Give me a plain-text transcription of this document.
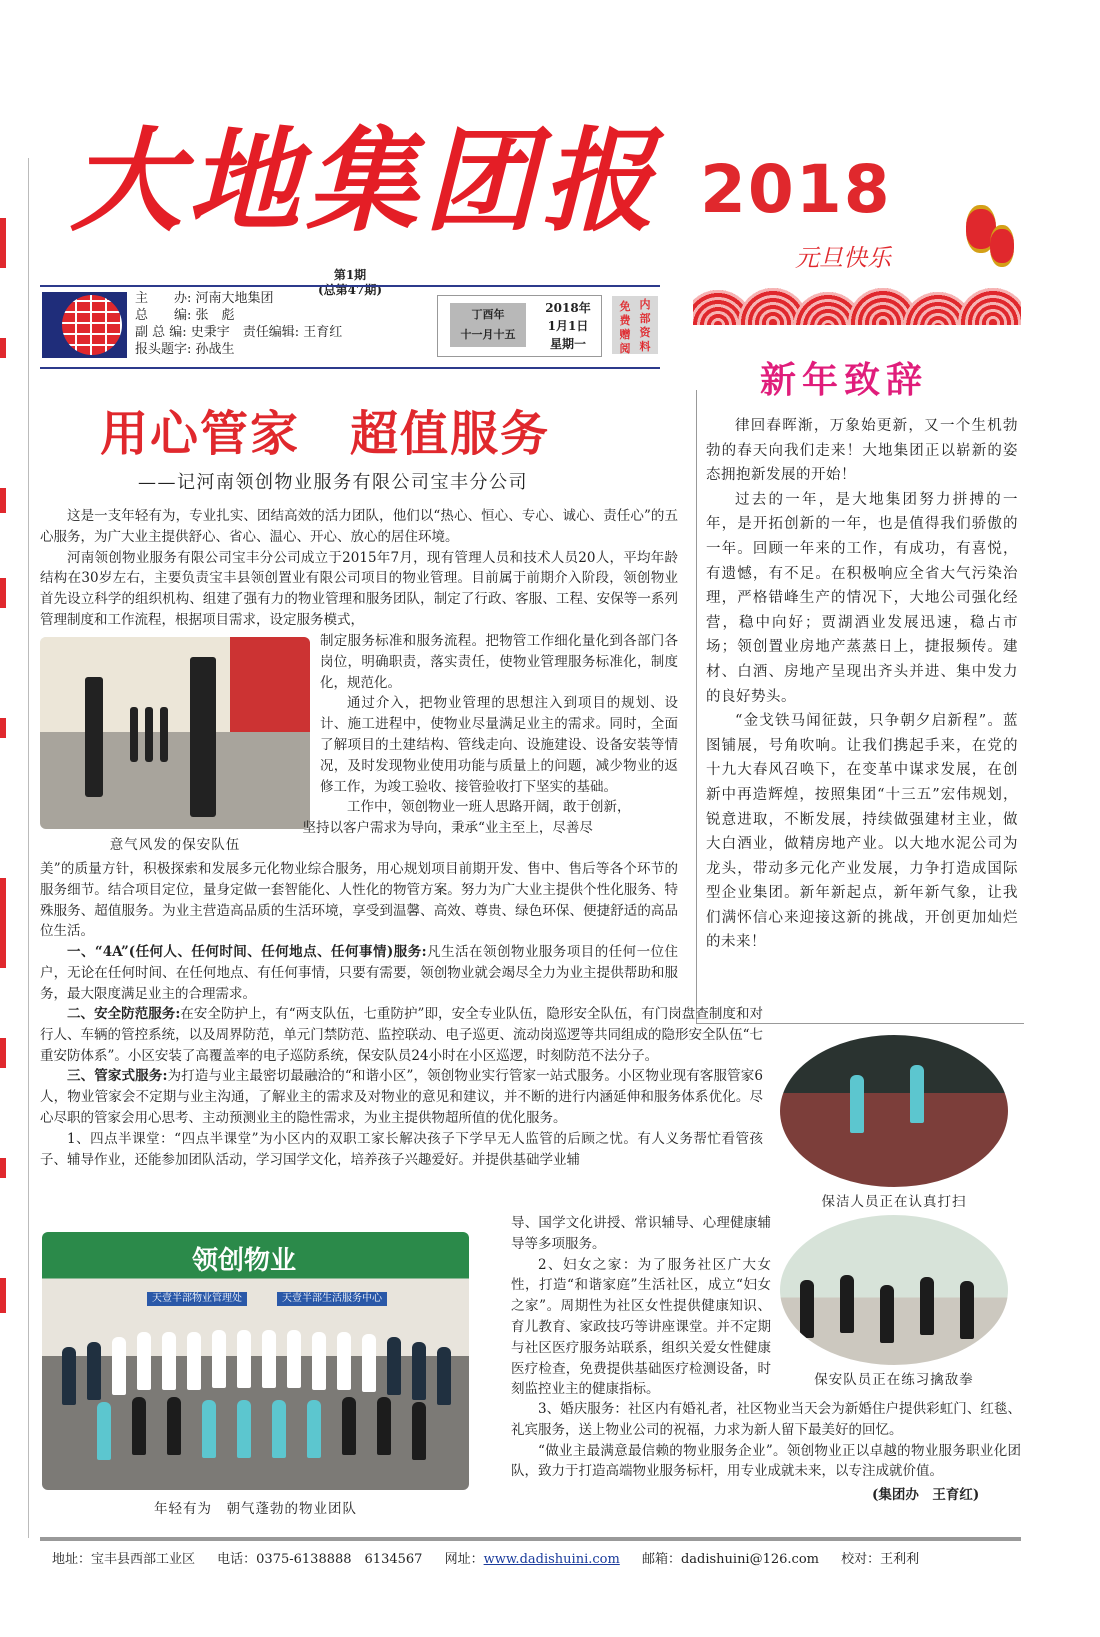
大地集团报
第1期
(总第47期)
主　　办: 河南大地集团
总　　编: 张　彪
副 总 编: 史秉宇　责任编辑: 王育红
报头题字: 孙战生
丁酉年
十一月十五
2018年
1月1日
星期一
免费赠阅
内部资料
2018
元旦快乐
新年致辞

律回春晖渐，万象始更新，又一个生机勃勃的春天向我们走来！大地集团正以崭新的姿态拥抱新发展的开始！

过去的一年，是大地集团努力拼搏的一年，是开拓创新的一年，也是值得我们骄傲的一年。回顾一年来的工作，有成功，有喜悦，有遗憾，有不足。在积极响应全省大气污染治理，严格错峰生产的情况下，大地公司强化经营，稳中向好；贾湖酒业发展迅速，稳占市场；领创置业房地产蒸蒸日上，捷报频传。建材、白酒、房地产呈现出齐头并进、集中发力的良好势头。

“金戈铁马闻征鼓，只争朝夕启新程”。蓝图铺展，号角吹响。让我们携起手来，在党的十九大春风召唤下，在变革中谋求发展，在创新中再造辉煌，按照集团“十三五”宏伟规划，锐意进取，不断发展，持续做强建材主业，做大白酒业，做精房地产业。以大地水泥公司为龙头，带动多元化产业发展，力争打造成国际型企业集团。新年新起点，新年新气象，让我们满怀信心来迎接这新的挑战，开创更加灿烂的未来！

用心管家　超值服务
——记河南领创物业服务有限公司宝丰分公司

这是一支年轻有为，专业扎实、团结高效的活力团队，他们以“热心、恒心、专心、诚心、责任心”的五心服务，为广大业主提供舒心、省心、温心、开心、放心的居住环境。

河南领创物业服务有限公司宝丰分公司成立于2015年7月，现有管理人员和技术人员20人，平均年龄结构在30岁左右，主要负责宝丰县领创置业有限公司项目的物业管理。目前属于前期介入阶段，领创物业首先设立科学的组织机构、组建了强有力的物业管理和服务团队，制定了行政、客服、工程、安保等一系列管理制度和工作流程，根据项目需求，设定服务模式，

意气风发的保安队伍

制定服务标准和服务流程。把物管工作细化量化到各部门各岗位，明确职责，落实责任，使物业管理服务标准化，制度化，规范化。

通过介入，把物业管理的思想注入到项目的规划、设计、施工进程中，使物业尽量满足业主的需求。同时，全面了解项目的土建结构、管线走向、设施建设、设备安装等情况，及时发现物业使用功能与质量上的问题，减少物业的返修工作，为竣工验收、接管验收打下坚实的基础。

工作中，领创物业一班人思路开阔，敢于创新，

坚持以客户需求为导向，秉承“业主至上，尽善尽

美”的质量方针，积极探索和发展多元化物业综合服务，用心规划项目前期开发、售中、售后等各个环节的服务细节。结合项目定位，量身定做一套智能化、人性化的物管方案。努力为广大业主提供个性化服务、特殊服务、超值服务。为业主营造高品质的生活环境，享受到温馨、高效、尊贵、绿色环保、便捷舒适的高品位生活。

一、“4A”(任何人、任何时间、任何地点、任何事情)服务:凡生活在领创物业服务项目的任何一位住户，无论在任何时间、在任何地点、有任何事情，只要有需要，领创物业就会竭尽全力为业主提供帮助和服务，最大限度满足业主的合理需求。

二、安全防范服务:在安全防护上，有“两支队伍，七重防护”即，安全专业队伍，隐形安全队伍，有门岗盘查制度和对行人、车辆的管控系统，以及周界防范，单元门禁防范、监控联动、电子巡更、流动岗巡逻等共同组成的隐形安全队伍“七重安防体系”。小区安装了高覆盖率的电子巡防系统，保安队员24小时在小区巡逻，时刻防范不法分子。

三、管家式服务:为打造与业主最密切最融洽的“和谐小区”，领创物业实行管家一站式服务。小区物业现有客服管家6人，物业管家会不定期与业主沟通，了解业主的需求及对物业的意见和建议，并不断的进行内涵延伸和服务体系优化。尽心尽职的管家会用心思考、主动预测业主的隐性需求，为业主提供物超所值的优化服务。

1、四点半课堂：“四点半课堂”为小区内的双职工家长解决孩子下学早无人监管的后顾之忧。有人义务帮忙看管孩子、辅导作业，还能参加团队活动，学习国学文化，培养孩子兴趣爱好。并提供基础学业辅

保洁人员正在认真打扫
保安队员正在练习擒敌拳

导、国学文化讲授、常识辅导、心理健康辅导等多项服务。

2、妇女之家：为了服务社区广大女性，打造“和谐家庭”生活社区，成立“妇女之家”。周期性为社区女性提供健康知识、育儿教育、家政技巧等讲座课堂。并不定期与社区医疗服务站联系，组织关爱女性健康医疗检查，免费提供基础医疗检测设备，时刻监控业主的健康指标。

领创物业
天壹半部物业管理处	天壹半部生活服务中心
年轻有为　朝气蓬勃的物业团队

3、婚庆服务：社区内有婚礼者，社区物业当天会为新婚住户提供彩虹门、红毯、礼宾服务，送上物业公司的祝福，力求为新人留下最美好的回忆。

“做业主最满意最信赖的物业服务企业”。领创物业正以卓越的物业服务职业化团队，致力于打造高端物业服务标杆，用专业成就未来，以专注成就价值。

(集团办　王育红)
地址：宝丰县西部工业区 电话：0375-6138888　6134567 网址：www.dadishuini.com 邮箱：dadishuini@126.com 校对：王利利
